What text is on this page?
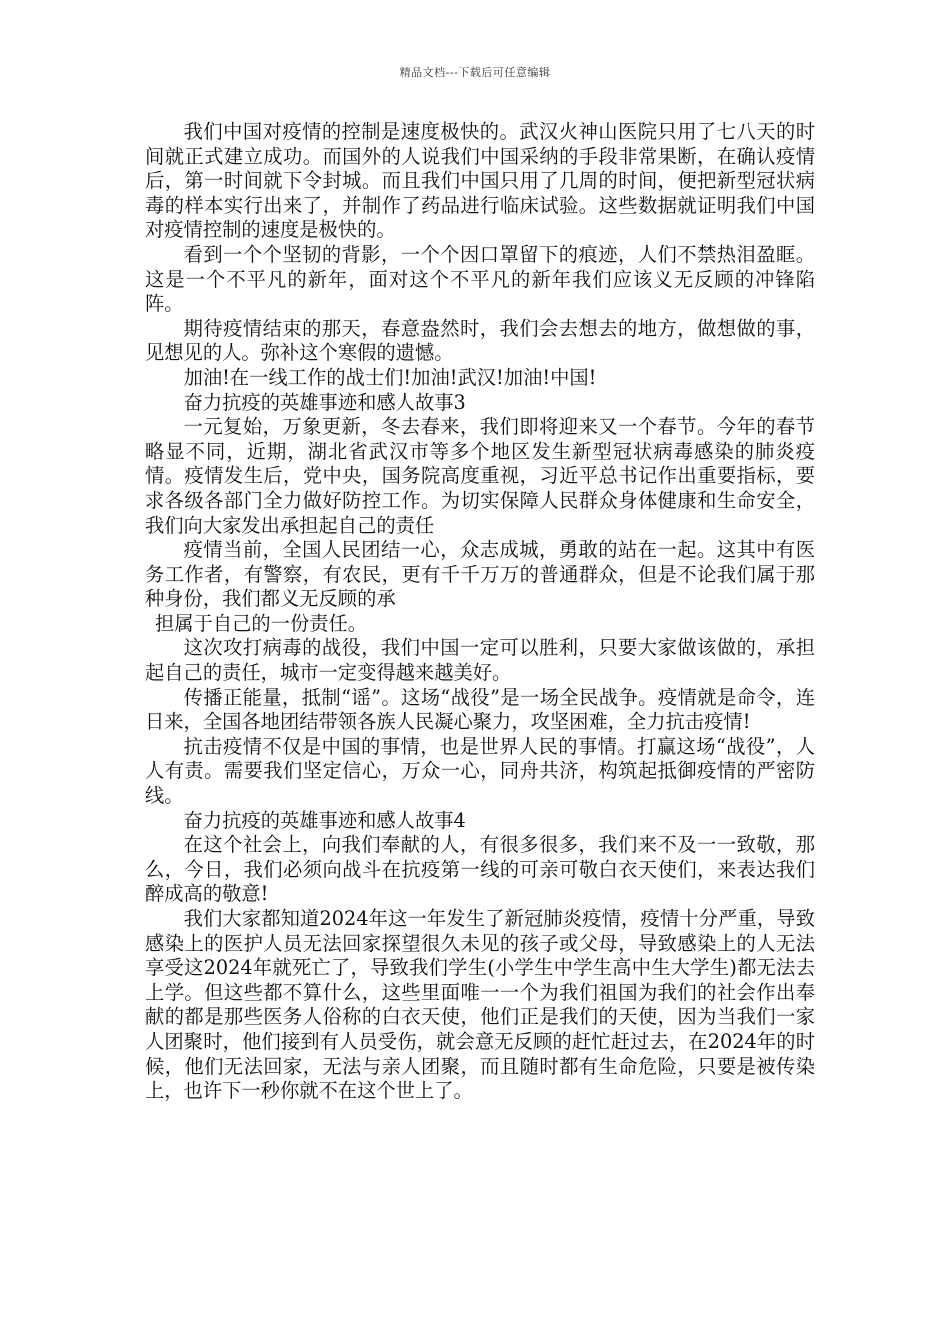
精品文档---下载后可任意编辑

我们中国对疫情的控制是速度极快的。武汉火神山医院只用了七八天的时间就正式建立成功。而国外的人说我们中国采纳的手段非常果断，在确认疫情后，第一时间就下令封城。而且我们中国只用了几周的时间，便把新型冠状病毒的样本实行出来了，并制作了药品进行临床试验。这些数据就证明我们中国对疫情控制的速度是极快的。

看到一个个坚韧的背影，一个个因口罩留下的痕迹，人们不禁热泪盈眶。这是一个不平凡的新年，面对这个不平凡的新年我们应该义无反顾的冲锋陷阵。

期待疫情结束的那天，春意盎然时，我们会去想去的地方，做想做的事，见想见的人。弥补这个寒假的遗憾。

加油!在一线工作的战士们!加油!武汉!加油!中国!

奋力抗疫的英雄事迹和感人故事3

一元复始，万象更新，冬去春来，我们即将迎来又一个春节。今年的春节略显不同，近期，湖北省武汉市等多个地区发生新型冠状病毒感染的肺炎疫情。疫情发生后，党中央，国务院高度重视，习近平总书记作出重要指标，要求各级各部门全力做好防控工作。为切实保障人民群众身体健康和生命安全，我们向大家发出承担起自己的责任

疫情当前，全国人民团结一心，众志成城，勇敢的站在一起。这其中有医务工作者，有警察，有农民，更有千千万万的普通群众，但是不论我们属于那种身份，我们都义无反顾的承

担属于自己的一份责任。

这次攻打病毒的战役，我们中国一定可以胜利，只要大家做该做的，承担起自己的责任，城市一定变得越来越美好。

传播正能量，抵制“谣”。这场“战役”是一场全民战争。疫情就是命令，连日来，全国各地团结带领各族人民凝心聚力，攻坚困难，全力抗击疫情!

抗击疫情不仅是中国的事情，也是世界人民的事情。打赢这场“战役”，人人有责。需要我们坚定信心，万众一心，同舟共济，构筑起抵御疫情的严密防线。

奋力抗疫的英雄事迹和感人故事4

在这个社会上，向我们奉献的人，有很多很多，我们来不及一一致敬，那么，今日，我们必须向战斗在抗疫第一线的可亲可敬白衣天使们，来表达我们醉成高的敬意!

我们大家都知道2024年这一年发生了新冠肺炎疫情，疫情十分严重，导致感染上的医护人员无法回家探望很久未见的孩子或父母，导致感染上的人无法享受这2024年就死亡了，导致我们学生(小学生中学生高中生大学生)都无法去上学。但这些都不算什么，这些里面唯一一个为我们祖国为我们的社会作出奉献的都是那些医务人俗称的白衣天使，他们正是我们的天使，因为当我们一家人团聚时，他们接到有人员受伤，就会意无反顾的赶忙赶过去，在2024年的时候，他们无法回家，无法与亲人团聚，而且随时都有生命危险，只要是被传染上，也许下一秒你就不在这个世上了。
